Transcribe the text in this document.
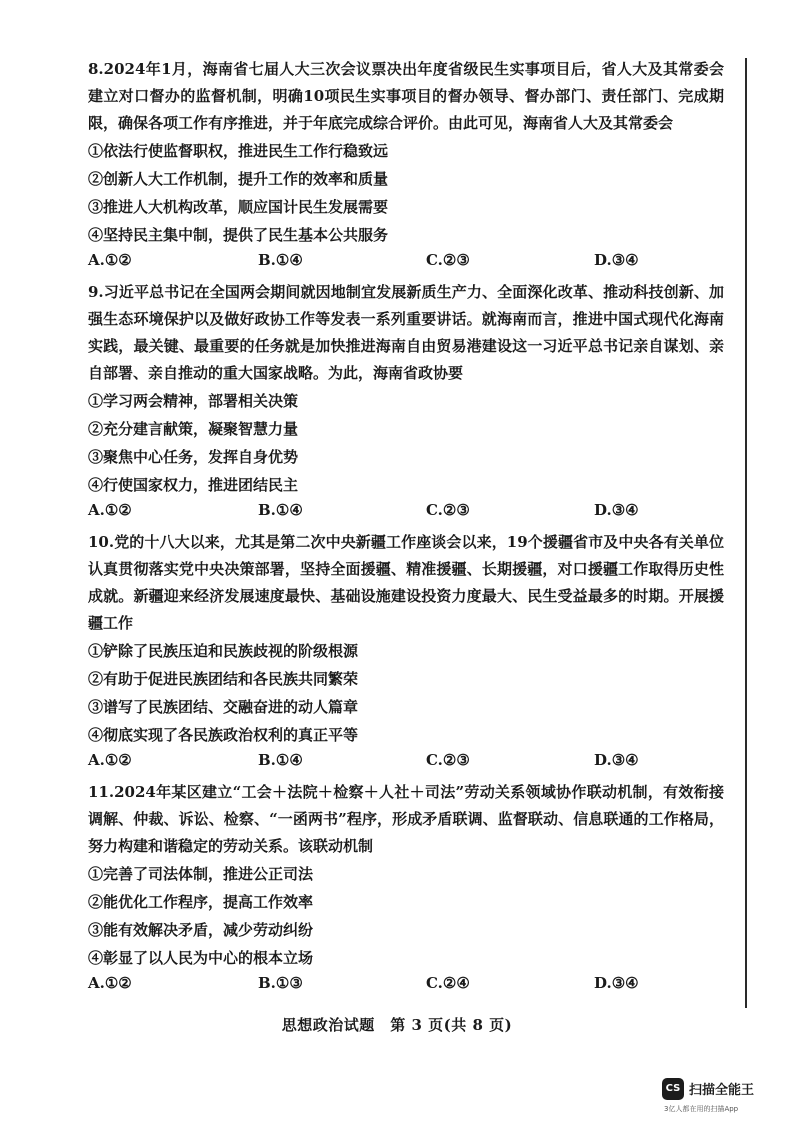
8.2024年1月，海南省七届人大三次会议票决出年度省级民生实事项目后，省人大及其常委会建立对口督办的监督机制，明确10项民生实事项目的督办领导、督办部门、责任部门、完成期限，确保各项工作有序推进，并于年底完成综合评价。由此可见，海南省人大及其常委会

①依法行使监督职权，推进民生工作行稳致远

②创新人大工作机制，提升工作的效率和质量

③推进人大机构改革，顺应国计民生发展需要

④坚持民主集中制，提供了民生基本公共服务

A.①②	B.①④	C.②③	D.③④

9.习近平总书记在全国两会期间就因地制宜发展新质生产力、全面深化改革、推动科技创新、加强生态环境保护以及做好政协工作等发表一系列重要讲话。就海南而言，推进中国式现代化海南实践，最关键、最重要的任务就是加快推进海南自由贸易港建设这一习近平总书记亲自谋划、亲自部署、亲自推动的重大国家战略。为此，海南省政协要

①学习两会精神，部署相关决策

②充分建言献策，凝聚智慧力量

③聚焦中心任务，发挥自身优势

④行使国家权力，推进团结民主

A.①②	B.①④	C.②③	D.③④

10.党的十八大以来，尤其是第二次中央新疆工作座谈会以来，19个援疆省市及中央各有关单位认真贯彻落实党中央决策部署，坚持全面援疆、精准援疆、长期援疆，对口援疆工作取得历史性成就。新疆迎来经济发展速度最快、基础设施建设投资力度最大、民生受益最多的时期。开展援疆工作

①铲除了民族压迫和民族歧视的阶级根源

②有助于促进民族团结和各民族共同繁荣

③谱写了民族团结、交融奋进的动人篇章

④彻底实现了各民族政治权利的真正平等

A.①②	B.①④	C.②③	D.③④

11.2024年某区建立“工会＋法院＋检察＋人社＋司法”劳动关系领域协作联动机制，有效衔接调解、仲裁、诉讼、检察、“一函两书”程序，形成矛盾联调、监督联动、信息联通的工作格局，努力构建和谐稳定的劳动关系。该联动机制

①完善了司法体制，推进公正司法

②能优化工作程序，提高工作效率

③能有效解决矛盾，减少劳动纠纷

④彰显了以人民为中心的根本立场

A.①②	B.①③	C.②④	D.③④
思想政治试题　第 3 页(共 8 页)
CS 扫描全能王
3亿人都在用的扫描App
